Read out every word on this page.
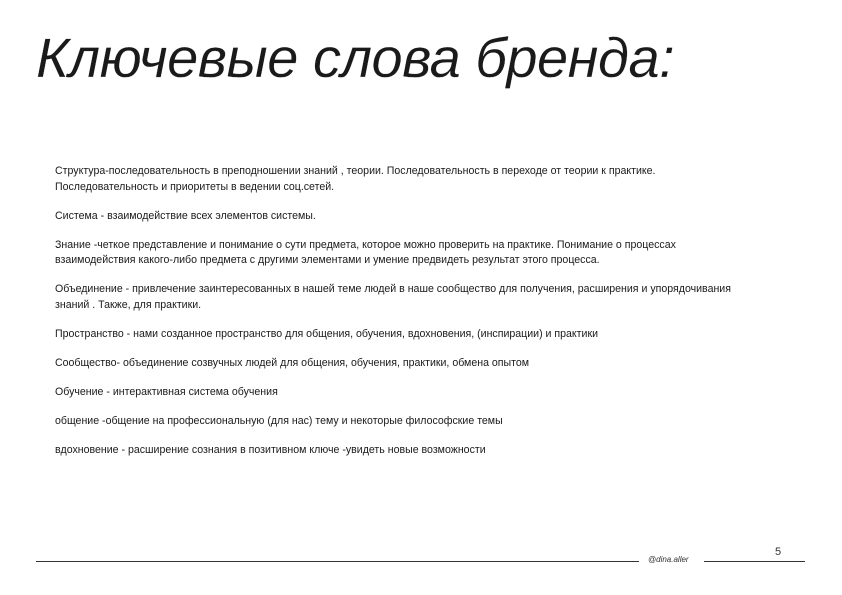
Ключевые слова бренда:

Структура-последовательность в преподношении знаний , теории. Последовательность в переходе от теории к практике. Последовательность и приоритеты в ведении соц.сетей.

Система - взаимодействие всех элементов системы.

Знание -четкое представление и понимание о сути предмета, которое можно проверить на практике. Понимание о процессах взаимодействия какого-либо предмета с другими элементами и умение предвидеть результат этого процесса.

Объединение - привлечение заинтересованных в нашей теме людей в наше сообщество для получения, расширения и упорядочивания знаний . Также, для практики.

Пространство - нами созданное пространство для общения, обучения, вдохновения, (инспирации) и практики

Сообщество- объединение созвучных людей для общения, обучения, практики, обмена опытом

Обучение - интерактивная система обучения

общение -общение на профессиональную (для нас) тему и некоторые философские темы

вдохновение - расширение сознания в позитивном ключе -увидеть новые возможности

@dina.aller
5
